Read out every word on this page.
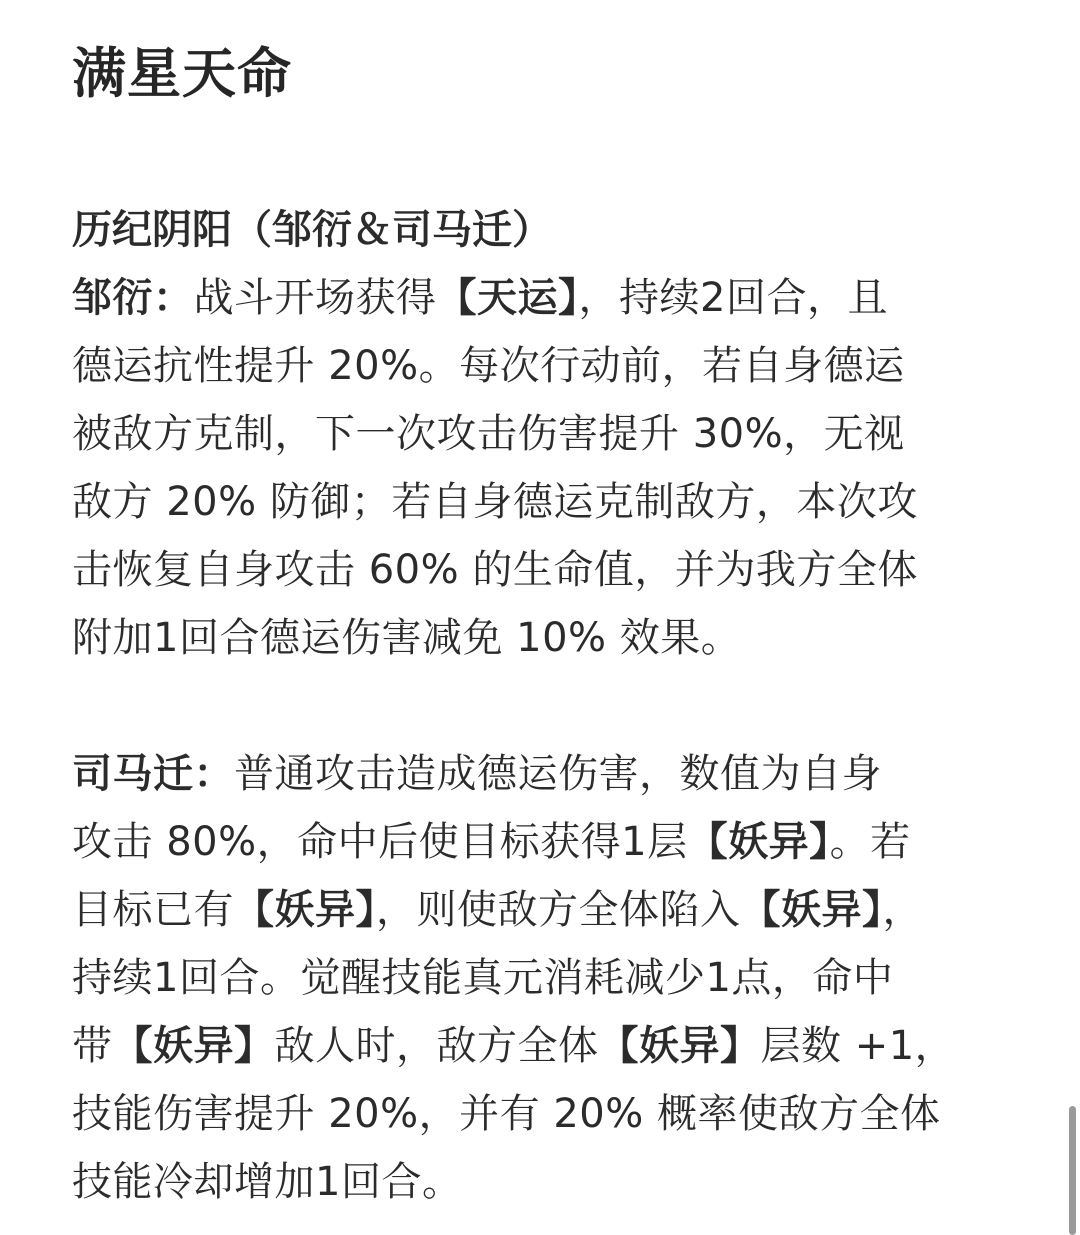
满星天命
历纪阴阳（邹衍＆司马迁）
邹衍：战斗开场获得【天运】，持续2回合，且
德运抗性提升 20%。每次行动前，若自身德运
被敌方克制，下一次攻击伤害提升 30%，无视
敌方 20% 防御；若自身德运克制敌方，本次攻
击恢复自身攻击 60% 的生命值，并为我方全体
附加1回合德运伤害减免 10% 效果。
司马迁：普通攻击造成德运伤害，数值为自身
攻击 80%，命中后使目标获得1层【妖异】。若
目标已有【妖异】，则使敌方全体陷入【妖异】，
持续1回合。觉醒技能真元消耗减少1点，命中
带【妖异】敌人时，敌方全体【妖异】层数 +1，
技能伤害提升 20%，并有 20% 概率使敌方全体
技能冷却增加1回合。
